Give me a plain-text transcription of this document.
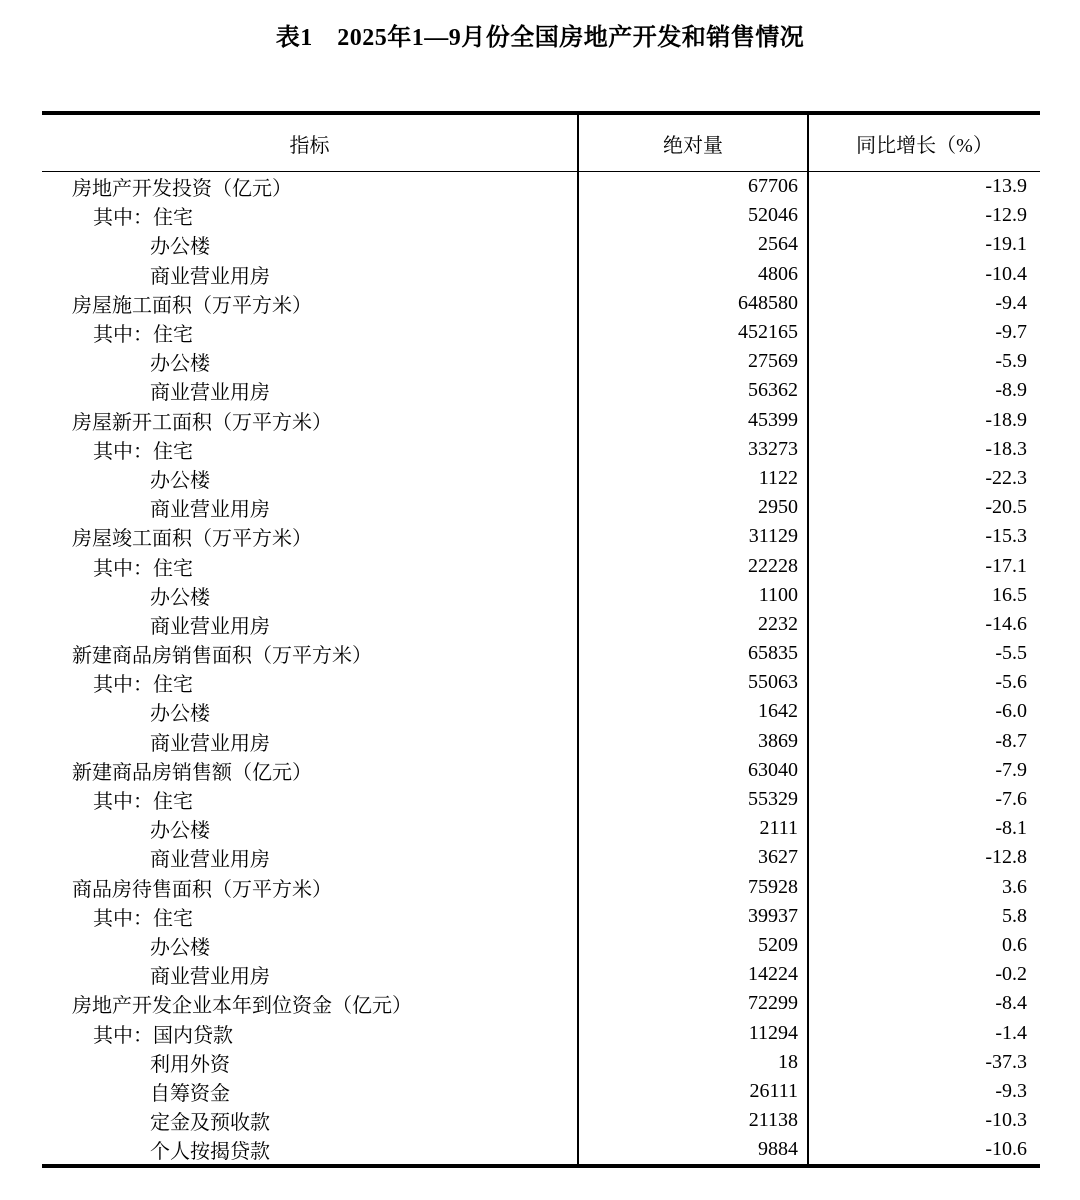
表1　2025年1—9月份全国房地产开发和销售情况
指标	绝对量	同比增长（%）
房地产开发投资（亿元）	67706	-13.9
其中：住宅	52046	-12.9
办公楼	2564	-19.1
商业营业用房	4806	-10.4
房屋施工面积（万平方米）	648580	-9.4
其中：住宅	452165	-9.7
办公楼	27569	-5.9
商业营业用房	56362	-8.9
房屋新开工面积（万平方米）	45399	-18.9
其中：住宅	33273	-18.3
办公楼	1122	-22.3
商业营业用房	2950	-20.5
房屋竣工面积（万平方米）	31129	-15.3
其中：住宅	22228	-17.1
办公楼	1100	16.5
商业营业用房	2232	-14.6
新建商品房销售面积（万平方米）	65835	-5.5
其中：住宅	55063	-5.6
办公楼	1642	-6.0
商业营业用房	3869	-8.7
新建商品房销售额（亿元）	63040	-7.9
其中：住宅	55329	-7.6
办公楼	2111	-8.1
商业营业用房	3627	-12.8
商品房待售面积（万平方米）	75928	3.6
其中：住宅	39937	5.8
办公楼	5209	0.6
商业营业用房	14224	-0.2
房地产开发企业本年到位资金（亿元）	72299	-8.4
其中：国内贷款	11294	-1.4
利用外资	18	-37.3
自筹资金	26111	-9.3
定金及预收款	21138	-10.3
个人按揭贷款	9884	-10.6
